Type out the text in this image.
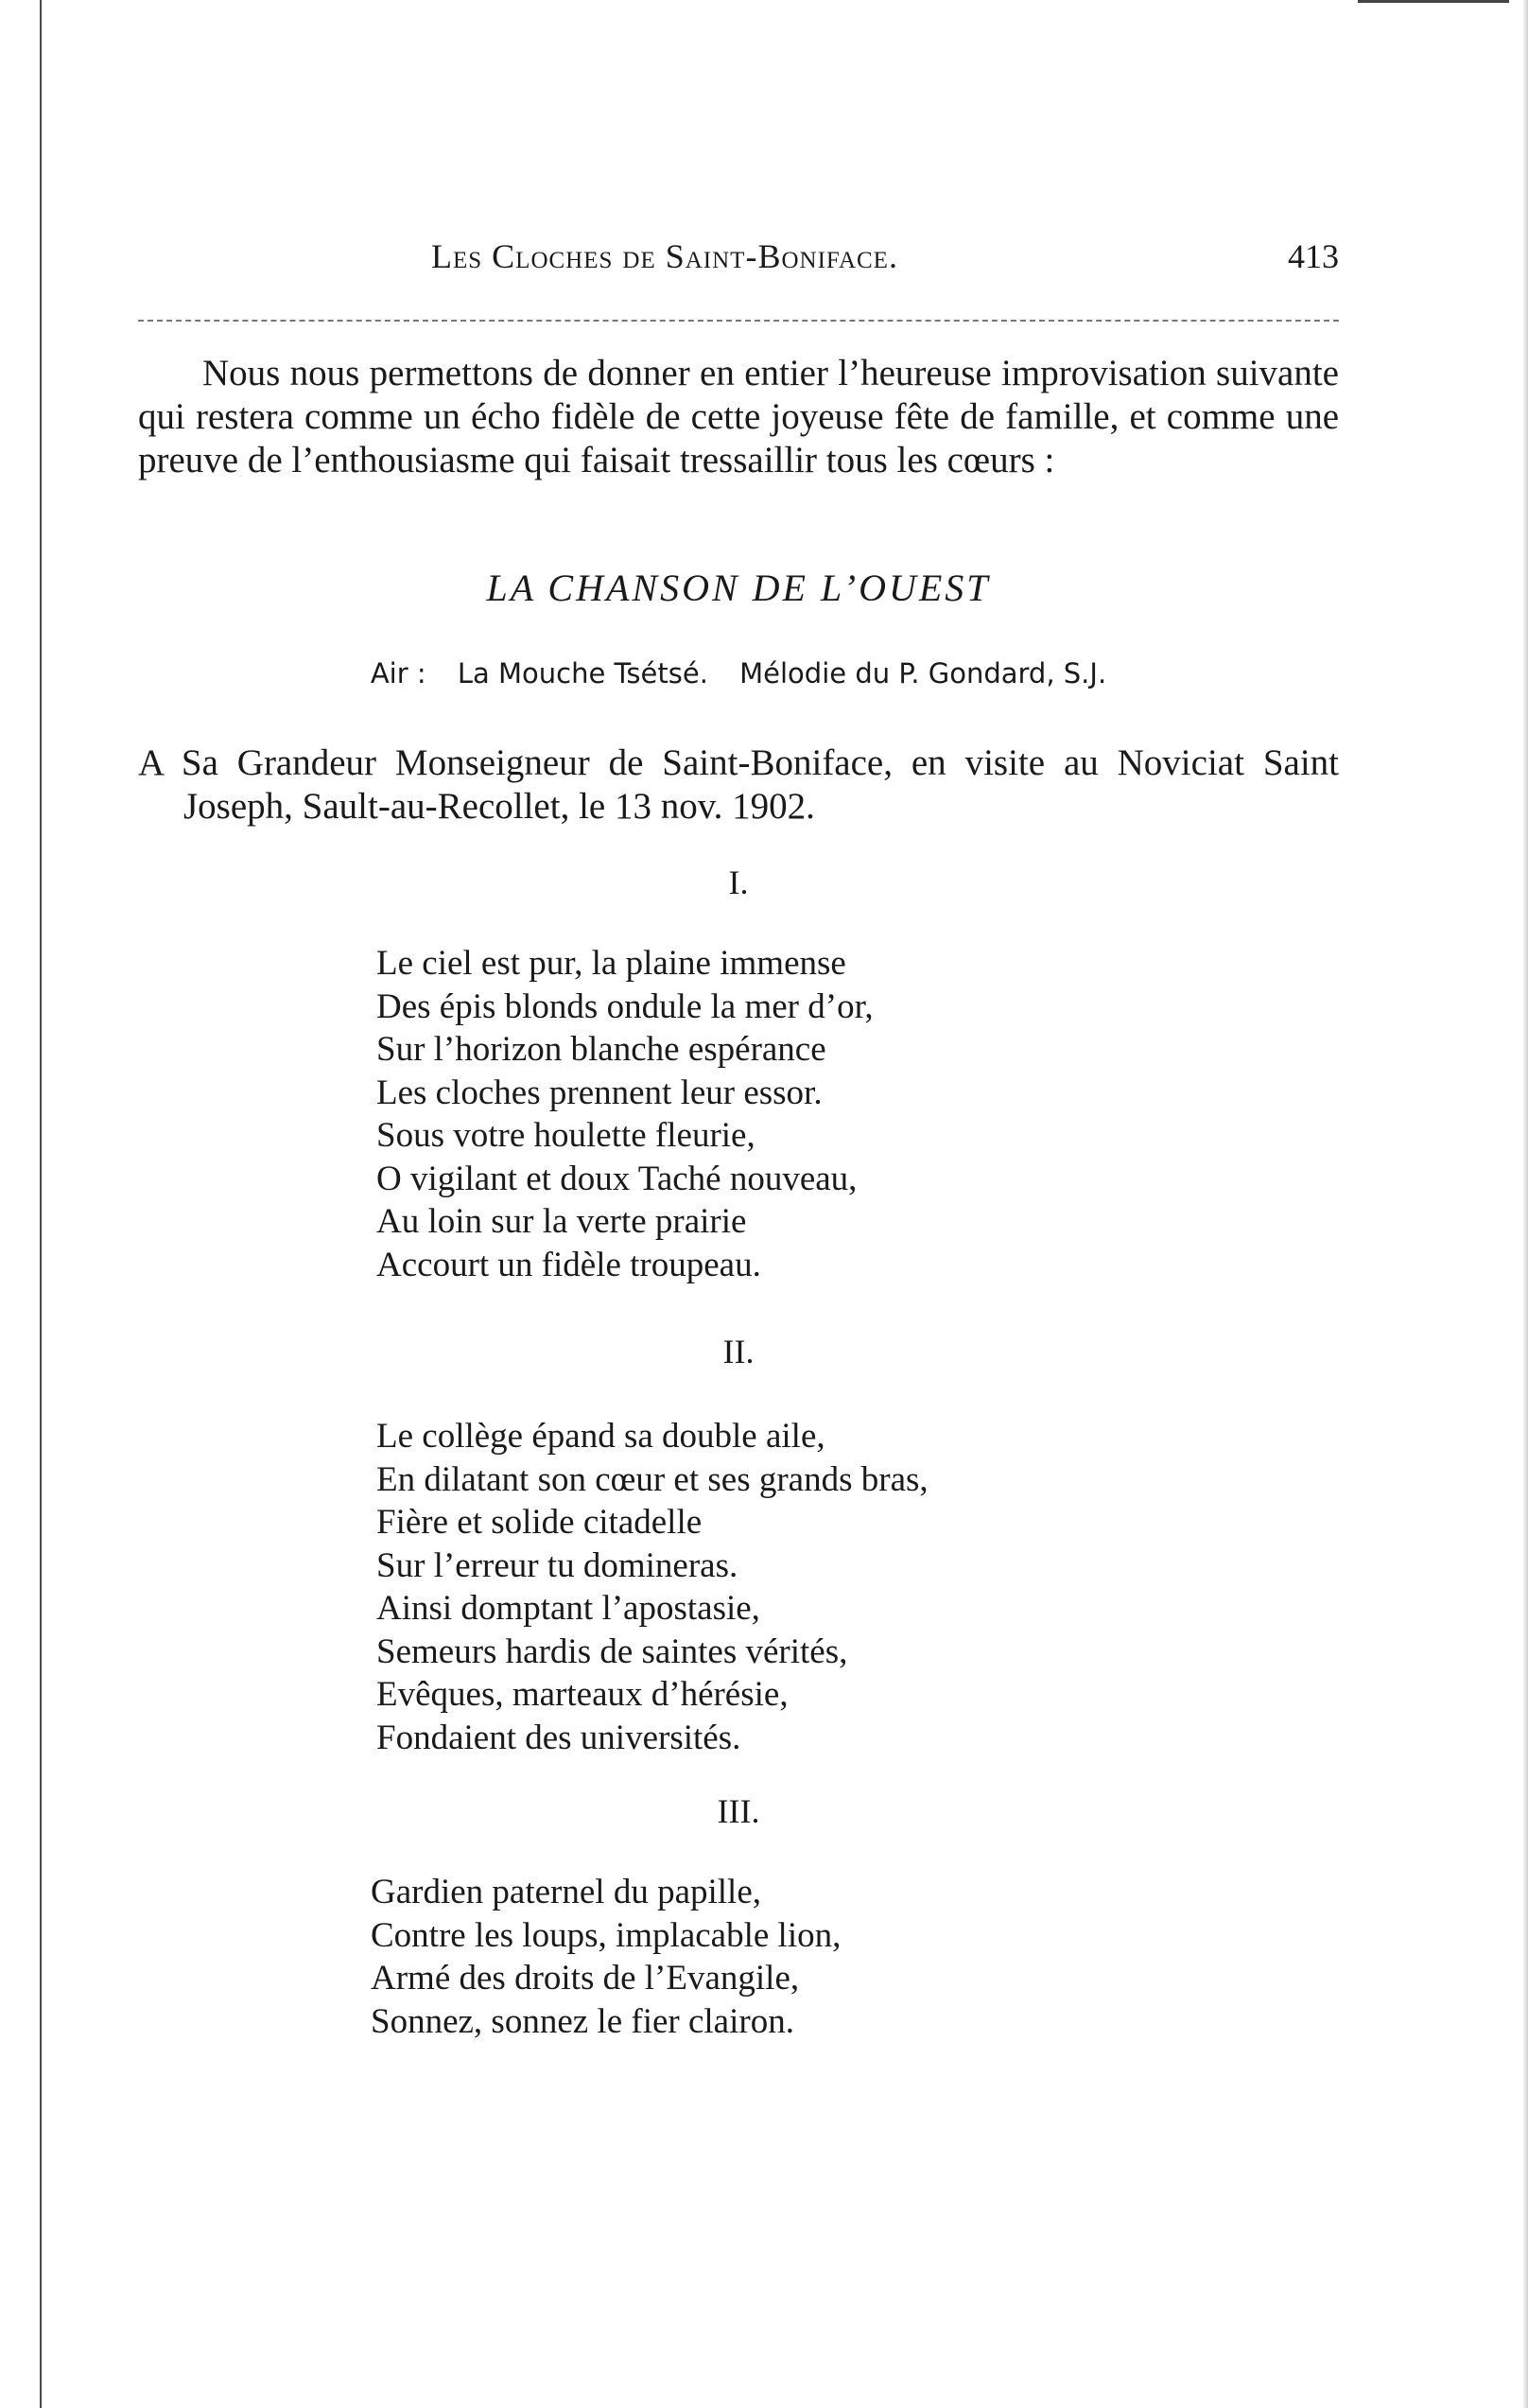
Les Cloches de Saint-Boniface.	413

Nous nous permettons de donner en entier l’heureuse improvisation suivante qui restera comme un écho fidèle de cette joyeuse fête de famille, et comme une preuve de l’enthousiasme qui faisait tressaillir tous les cœurs :

LA CHANSON DE L’OUEST
Air : La Mouche Tsétsé. Mélodie du P. Gondard, S.J.

A Sa Grandeur Monseigneur de Saint-Boniface, en visite au Noviciat Saint Joseph, Sault-au-Recollet, le 13 nov. 1902.

I.
Le ciel est pur, la plaine immense
Des épis blonds ondule la mer d’or,
Sur l’horizon blanche espérance
Les cloches prennent leur essor.
Sous votre houlette fleurie,
O vigilant et doux Taché nouveau,
Au loin sur la verte prairie
Accourt un fidèle troupeau.
II.
Le collège épand sa double aile,
En dilatant son cœur et ses grands bras,
Fière et solide citadelle
Sur l’erreur tu domineras.
Ainsi domptant l’apostasie,
Semeurs hardis de saintes vérités,
Evêques, marteaux d’hérésie,
Fondaient des universités.
III.
Gardien paternel du papille,
Contre les loups, implacable lion,
Armé des droits de l’Evangile,
Sonnez, sonnez le fier clairon.
